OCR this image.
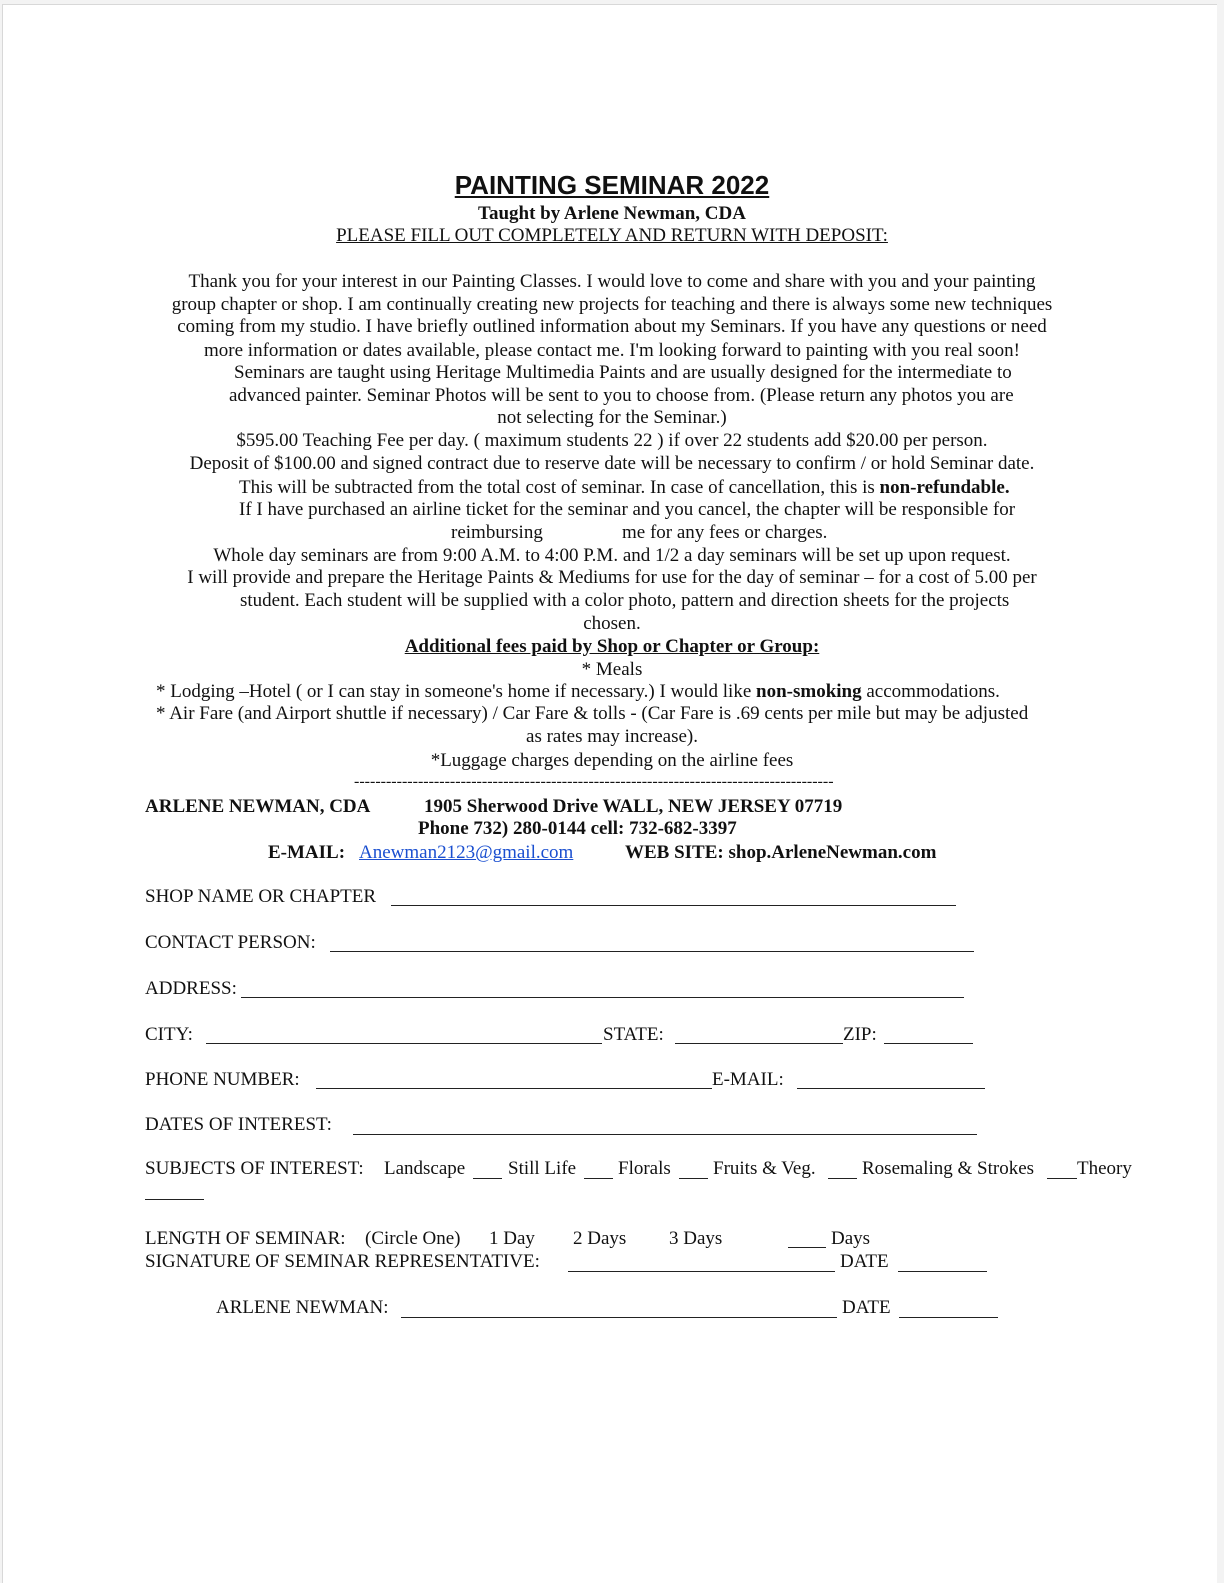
PAINTING SEMINAR 2022
Taught by Arlene Newman, CDA
PLEASE FILL OUT COMPLETELY AND RETURN WITH DEPOSIT:
Thank you for your interest in our Painting Classes. I would love to come and share with you and your painting
group chapter or shop. I am continually creating new projects for teaching and there is always some new techniques
coming from my studio. I have briefly outlined information about my Seminars. If you have any questions or need
more information or dates available, please contact me. I'm looking forward to painting with you real soon!
Seminars are taught using Heritage Multimedia Paints and are usually designed for the intermediate to
advanced painter. Seminar Photos will be sent to you to choose from. (Please return any photos you are
not selecting for the Seminar.)
$595.00 Teaching Fee per day. ( maximum students 22 ) if over 22 students add $20.00 per person.
Deposit of $100.00 and signed contract due to reserve date will be necessary to confirm / or hold Seminar date.
This will be subtracted from the total cost of seminar. In case of cancellation, this is non-refundable.
If I have purchased an airline ticket for the seminar and you cancel, the chapter will be responsible for
reimbursing	me for any fees or charges.
Whole day seminars are from 9:00 A.M. to 4:00 P.M. and 1/2 a day seminars will be set up upon request.
I will provide and prepare the Heritage Paints & Mediums for use for the day of seminar – for a cost of 5.00 per
student. Each student will be supplied with a color photo, pattern and direction sheets for the projects
chosen.
Additional fees paid by Shop or Chapter or Group:
* Meals
* Lodging –Hotel ( or I can stay in someone's home if necessary.) I would like non-smoking accommodations.
* Air Fare (and Airport shuttle if necessary) / Car Fare & tolls - (Car Fare is .69 cents per mile but may be adjusted
as rates may increase).
*Luggage charges depending on the airline fees
------------------------------------------------------------------------------------------
ARLENE NEWMAN, CDA	1905 Sherwood Drive WALL, NEW JERSEY 07719
Phone 732) 280-0144 cell: 732-682-3397
E-MAIL: Anewman2123@gmail.com	WEB SITE: shop.ArleneNewman.com
SHOP NAME OR CHAPTER
CONTACT PERSON:
ADDRESS:
CITY:	STATE:	ZIP:
PHONE NUMBER:	E-MAIL:
DATES OF INTEREST:
SUBJECTS OF INTEREST: Landscape Still Life Florals Fruits & Veg. Rosemaling & Strokes Theory
LENGTH OF SEMINAR: (Circle One) 1 Day 2 Days 3 Days	Days
SIGNATURE OF SEMINAR REPRESENTATIVE:	DATE
ARLENE NEWMAN:	DATE
